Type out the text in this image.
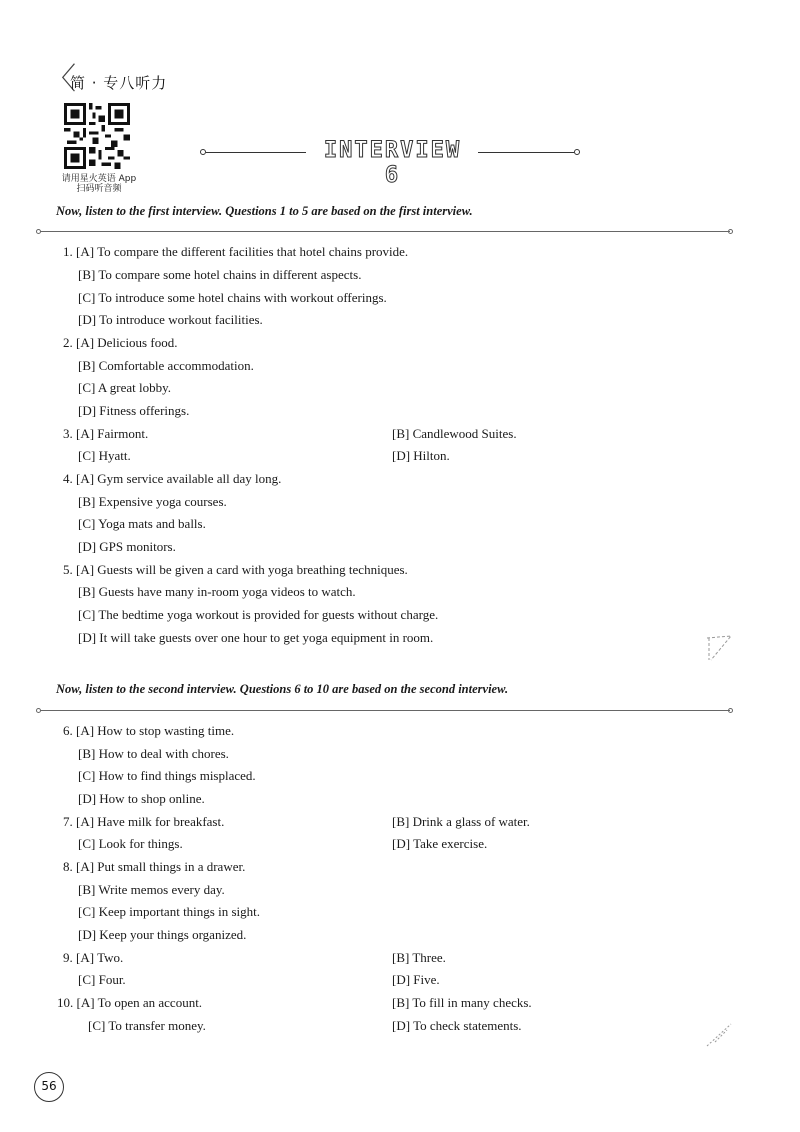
〈
简 · 专八听力
请用星火英语 App
扫码听音频
INTERVIEW 6
Now, listen to the first interview. Questions 1 to 5 are based on the first interview.
1. [A] To compare the different facilities that hotel chains provide.
[B] To compare some hotel chains in different aspects.
[C] To introduce some hotel chains with workout offerings.
[D] To introduce workout facilities.
2. [A] Delicious food.
[B] Comfortable accommodation.
[C] A great lobby.
[D] Fitness offerings.
3. [A] Fairmont.	[B] Candlewood Suites.
[C] Hyatt.	[D] Hilton.
4. [A] Gym service available all day long.
[B] Expensive yoga courses.
[C] Yoga mats and balls.
[D] GPS monitors.
5. [A] Guests will be given a card with yoga breathing techniques.
[B] Guests have many in-room yoga videos to watch.
[C] The bedtime yoga workout is provided for guests without charge.
[D] It will take guests over one hour to get yoga equipment in room.
Now, listen to the second interview. Questions 6 to 10 are based on the second interview.
6. [A] How to stop wasting time.
[B] How to deal with chores.
[C] How to find things misplaced.
[D] How to shop online.
7. [A] Have milk for breakfast.	[B] Drink a glass of water.
[C] Look for things.	[D] Take exercise.
8. [A] Put small things in a drawer.
[B] Write memos every day.
[C] Keep important things in sight.
[D] Keep your things organized.
9. [A] Two.	[B] Three.
[C] Four.	[D] Five.
10. [A] To open an account.	[B] To fill in many checks.
[C] To transfer money.	[D] To check statements.
56
